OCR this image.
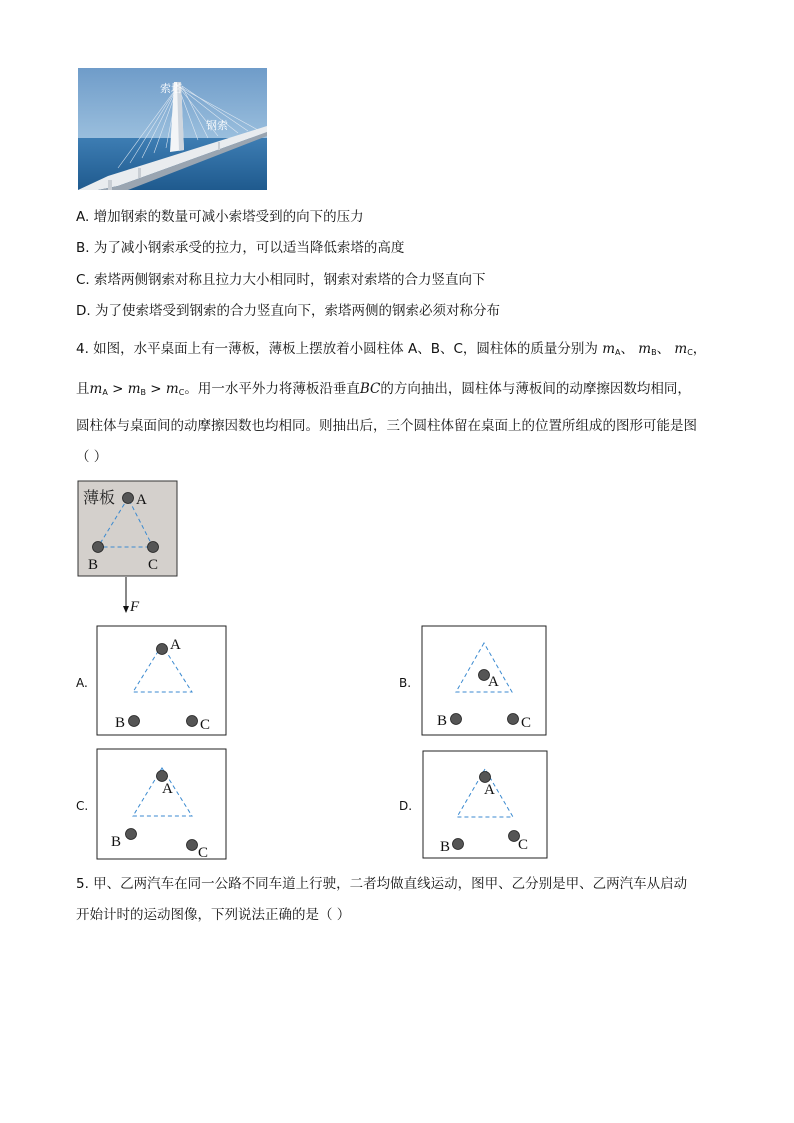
索塔
钢索
A. 增加钢索的数量可减小索塔受到的向下的压力
B. 为了减小钢索承受的拉力，可以适当降低索塔的高度
C. 索塔两侧钢索对称且拉力大小相同时，钢索对索塔的合力竖直向下
D. 为了使索塔受到钢索的合力竖直向下，索塔两侧的钢索必须对称分布
4. 如图，水平桌面上有一薄板，薄板上摆放着小圆柱体 A、B、C，圆柱体的质量分别为 $m_A$、 $m_B$、 $m_C$，
且$m_A > m_B > m_C$。用一水平外力将薄板沿垂直BC的方向抽出，圆柱体与薄板间的动摩擦因数均相同，
圆柱体与桌面间的动摩擦因数也均相同。则抽出后，三个圆柱体留在桌面上的位置所组成的图形可能是图
（ ）
薄板 A
B	C
F
A.
A
B	C
B.	A
B	C
C.
A
B
C
D.
A
B	C
5. 甲、乙两汽车在同一公路不同车道上行驶，二者均做直线运动，图甲、乙分别是甲、乙两汽车从启动
开始计时的运动图像，下列说法正确的是（ ）
